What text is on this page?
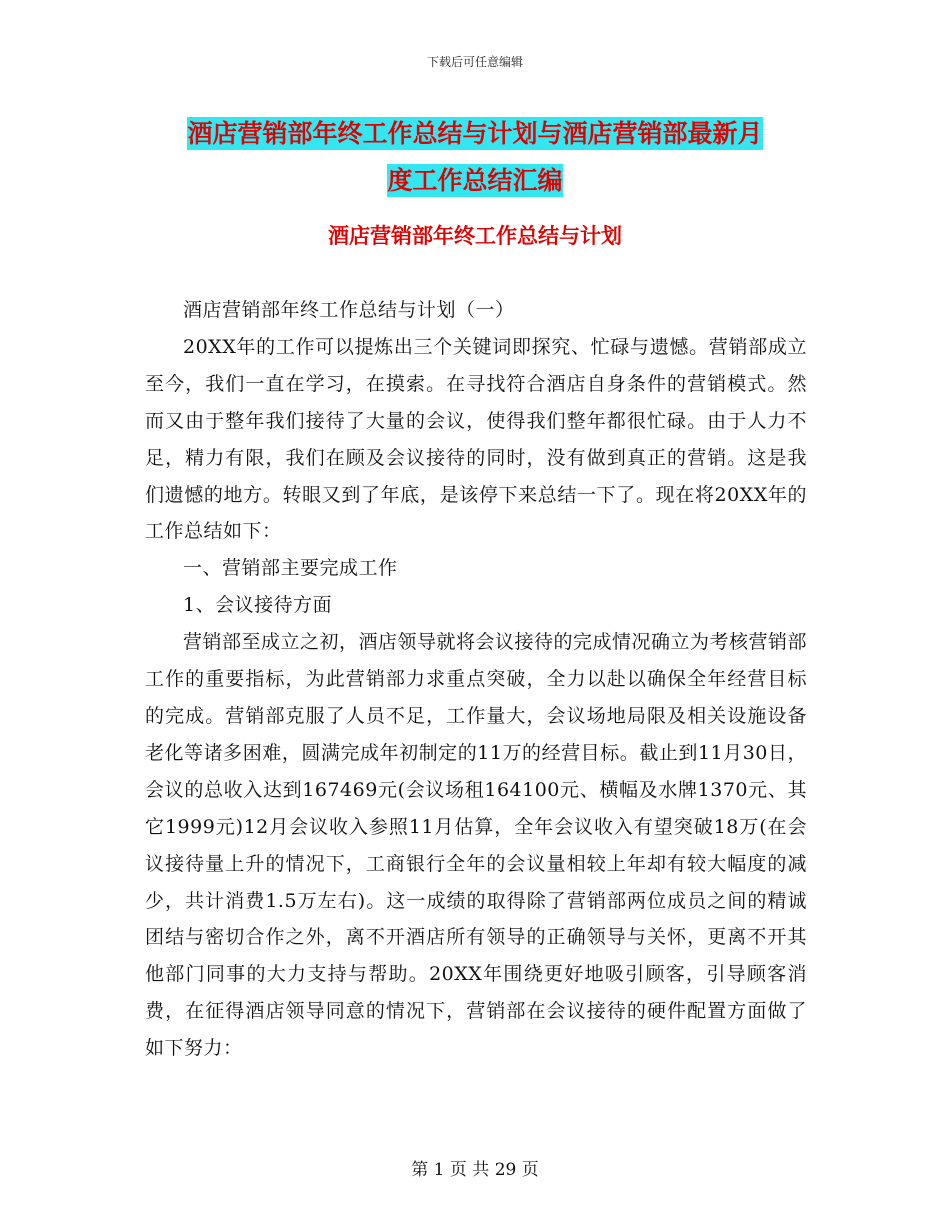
下载后可任意编辑
酒店营销部年终工作总结与计划与酒店营销部最新月
度工作总结汇编
酒店营销部年终工作总结与计划

酒店营销部年终工作总结与计划（一）

20XX年的工作可以提炼出三个关键词即探究、忙碌与遗憾。营销部成立至今，我们一直在学习，在摸索。在寻找符合酒店自身条件的营销模式。然而又由于整年我们接待了大量的会议，使得我们整年都很忙碌。由于人力不足，精力有限，我们在顾及会议接待的同时，没有做到真正的营销。这是我们遗憾的地方。转眼又到了年底，是该停下来总结一下了。现在将20XX年的工作总结如下：

一、营销部主要完成工作

1、会议接待方面

营销部至成立之初，酒店领导就将会议接待的完成情况确立为考核营销部工作的重要指标，为此营销部力求重点突破，全力以赴以确保全年经营目标的完成。营销部克服了人员不足，工作量大，会议场地局限及相关设施设备老化等诸多困难，圆满完成年初制定的11万的经营目标。截止到11月30日，会议的总收入达到167469元(会议场租164100元、横幅及水牌1370元、其它1999元)12月会议收入参照11月估算，全年会议收入有望突破18万(在会议接待量上升的情况下，工商银行全年的会议量相较上年却有较大幅度的减少，共计消费1.5万左右)。这一成绩的取得除了营销部两位成员之间的精诚团结与密切合作之外，离不开酒店所有领导的正确领导与关怀，更离不开其他部门同事的大力支持与帮助。20XX年围绕更好地吸引顾客，引导顾客消费，在征得酒店领导同意的情况下，营销部在会议接待的硬件配置方面做了如下努力：

第 1 页 共 29 页
